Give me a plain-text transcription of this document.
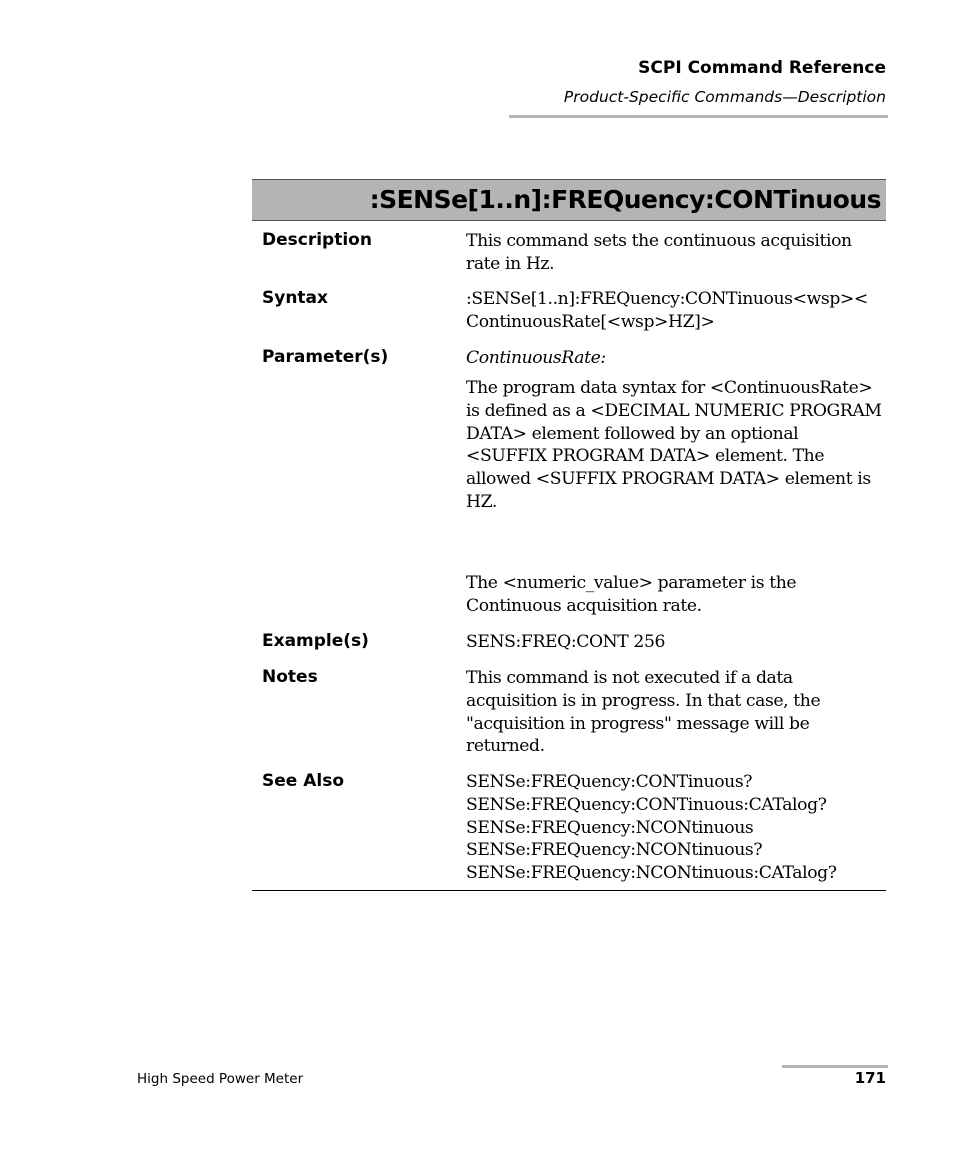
SCPI Command Reference
Product-Specific Commands—Description
:SENSe[1..n]:FREQuency:CONTinuous
Description	This command sets the continuous acquisition
rate in Hz.
Syntax	:SENSe[1..n]:FREQuency:CONTinuous<wsp><
ContinuousRate[<wsp>HZ]>
Parameter(s)	ContinuousRate:
The program data syntax for <ContinuousRate>
is defined as a <DECIMAL NUMERIC PROGRAM
DATA> element followed by an optional
<SUFFIX PROGRAM DATA> element. The
allowed <SUFFIX PROGRAM DATA> element is
HZ.
The <numeric_value> parameter is the
Continuous acquisition rate.
Example(s)	SENS:FREQ:CONT 256
Notes	This command is not executed if a data
acquisition is in progress. In that case, the
"acquisition in progress" message will be
returned.
See Also	SENSe:FREQuency:CONTinuous?
SENSe:FREQuency:CONTinuous:CATalog?
SENSe:FREQuency:NCONtinuous
SENSe:FREQuency:NCONtinuous?
SENSe:FREQuency:NCONtinuous:CATalog?
High Speed Power Meter	171
